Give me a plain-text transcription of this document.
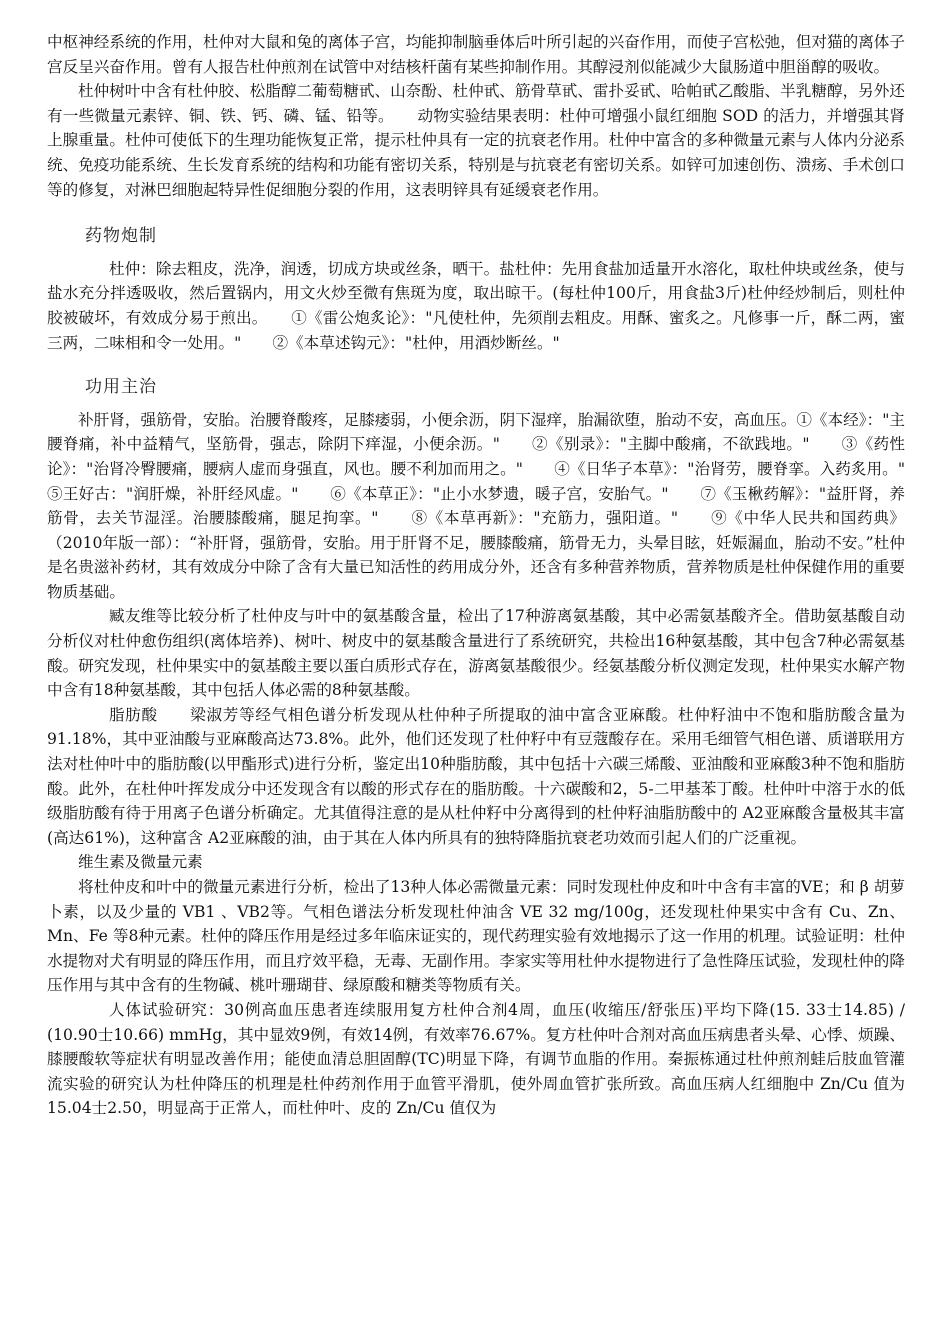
中枢神经系统的作用，杜仲对大鼠和兔的离体子宫，均能抑制脑垂体后叶所引起的兴奋作用，而使子宫松弛，但对猫的离体子宫反呈兴奋作用。曾有人报告杜仲煎剂在试管中对结核杆菌有某些抑制作用。其醇浸剂似能减少大鼠肠道中胆甾醇的吸收。

杜仲树叶中含有杜仲胶、松脂醇二葡萄糖甙、山奈酚、杜仲甙、筋骨草甙、雷扑妥甙、哈帕甙乙酸脂、半乳糖醇，另外还有一些微量元素锌、铜、铁、钙、磷、锰、铅等。　　动物实验结果表明：杜仲可增强小鼠红细胞 SOD 的活力，并增强其肾上腺重量。杜仲可使低下的生理功能恢复正常，提示杜仲具有一定的抗衰老作用。杜仲中富含的多种微量元素与人体内分泌系统、免疫功能系统、生长发育系统的结构和功能有密切关系，特别是与抗衰老有密切关系。如锌可加速创伤、溃疡、手术创口等的修复，对淋巴细胞起特异性促细胞分裂的作用，这表明锌具有延缓衰老作用。

药物炮制

杜仲：除去粗皮，洗净，润透，切成方块或丝条，晒干。盐杜仲：先用食盐加适量开水溶化，取杜仲块或丝条，使与盐水充分拌透吸收，然后置锅内，用文火炒至微有焦斑为度，取出晾干。(每杜仲100斤，用食盐3斤)杜仲经炒制后，则杜仲胶被破坏，有效成分易于煎出。　　①《雷公炮炙论》："凡使杜仲，先须削去粗皮。用酥、蜜炙之。凡修事一斤，酥二两，蜜三两，二味相和令一处用。"　　②《本草述钩元》："杜仲，用酒炒断丝。"

功用主治

补肝肾，强筋骨，安胎。治腰脊酸疼，足膝痿弱，小便余沥，阴下湿痒，胎漏欲堕，胎动不安，高血压。①《本经》："主腰脊痛，补中益精气，坚筋骨，强志，除阴下痒湿，小便余沥。"　　②《别录》："主脚中酸痛，不欲践地。"　　③《药性论》："治肾冷臀腰痛，腰病人虚而身强直，风也。腰不利加而用之。"　　④《日华子本草》："治肾劳，腰脊挛。入药炙用。"　　⑤王好古："润肝燥，补肝经风虚。"　　⑥《本草正》："止小水梦遗，暖子宫，安胎气。"　　⑦《玉楸药解》："益肝肾，养筋骨，去关节湿淫。治腰膝酸痛，腿足拘挛。"　　⑧《本草再新》："充筋力，强阳道。"　　⑨《中华人民共和国药典》（2010年版一部）：“补肝肾，强筋骨，安胎。用于肝肾不足，腰膝酸痛，筋骨无力，头晕目眩，妊娠漏血，胎动不安。”杜仲是名贵滋补药材，其有效成分中除了含有大量已知活性的药用成分外，还含有多种营养物质，营养物质是杜仲保健作用的重要物质基础。

臧友维等比较分析了杜仲皮与叶中的氨基酸含量，检出了17种游离氨基酸，其中必需氨基酸齐全。借助氨基酸自动分析仪对杜仲愈伤组织(离体培养)、树叶、树皮中的氨基酸含量进行了系统研究，共检出16种氨基酸，其中包含7种必需氨基酸。研究发现，杜仲果实中的氨基酸主要以蛋白质形式存在，游离氨基酸很少。经氨基酸分析仪测定发现，杜仲果实水解产物中含有18种氨基酸，其中包括人体必需的8种氨基酸。

脂肪酸　　梁淑芳等经气相色谱分析发现从杜仲种子所提取的油中富含亚麻酸。杜仲籽油中不饱和脂肪酸含量为91.18%，其中亚油酸与亚麻酸高达73.8%。此外，他们还发现了杜仲籽中有豆蔻酸存在。采用毛细管气相色谱、质谱联用方法对杜仲叶中的脂肪酸(以甲酯形式)进行分析，鉴定出10种脂肪酸，其中包括十六碳三烯酸、亚油酸和亚麻酸3种不饱和脂肪酸。此外，在杜仲叶挥发成分中还发现含有以酸的形式存在的脂肪酸。十六碳酸和2，5-二甲基苯丁酸。杜仲叶中溶于水的低级脂肪酸有待于用离子色谱分析确定。尤其值得注意的是从杜仲籽中分离得到的杜仲籽油脂肪酸中的 A2亚麻酸含量极其丰富(高达61%)，这种富含 A2亚麻酸的油，由于其在人体内所具有的独特降脂抗衰老功效而引起人们的广泛重视。

维生素及微量元素

将杜仲皮和叶中的微量元素进行分析，检出了13种人体必需微量元素：同时发现杜仲皮和叶中含有丰富的VE；和 β 胡萝卜素，以及少量的 VB1 、VB2等。气相色谱法分析发现杜仲油含 VE 32 mg/100g，还发现杜仲果实中含有 Cu、Zn、Mn、Fe 等8种元素。杜仲的降压作用是经过多年临床证实的，现代药理实验有效地揭示了这一作用的机理。试验证明：杜仲水提物对犬有明显的降压作用，而且疗效平稳，无毒、无副作用。李家实等用杜仲水提物进行了急性降压试验，发现杜仲的降压作用与其中含有的生物碱、桃叶珊瑚苷、绿原酸和糖类等物质有关。

人体试验研究：30例高血压患者连续服用复方杜仲合剂4周，血压(收缩压/舒张压)平均下降(15. 33士14.85) / (10.90士10.66) mmHg，其中显效9例，有效14例，有效率76.67%。复方杜仲叶合剂对高血压病患者头晕、心悸、烦躁、膝腰酸软等症状有明显改善作用；能使血清总胆固醇(TC)明显下降，有调节血脂的作用。秦振栋通过杜仲煎剂蛙后肢血管灌流实验的研究认为杜仲降压的机理是杜仲药剂作用于血管平滑肌，使外周血管扩张所致。高血压病人红细胞中 Zn/Cu 值为15.04士2.50，明显高于正常人，而杜仲叶、皮的 Zn/Cu 值仅为
